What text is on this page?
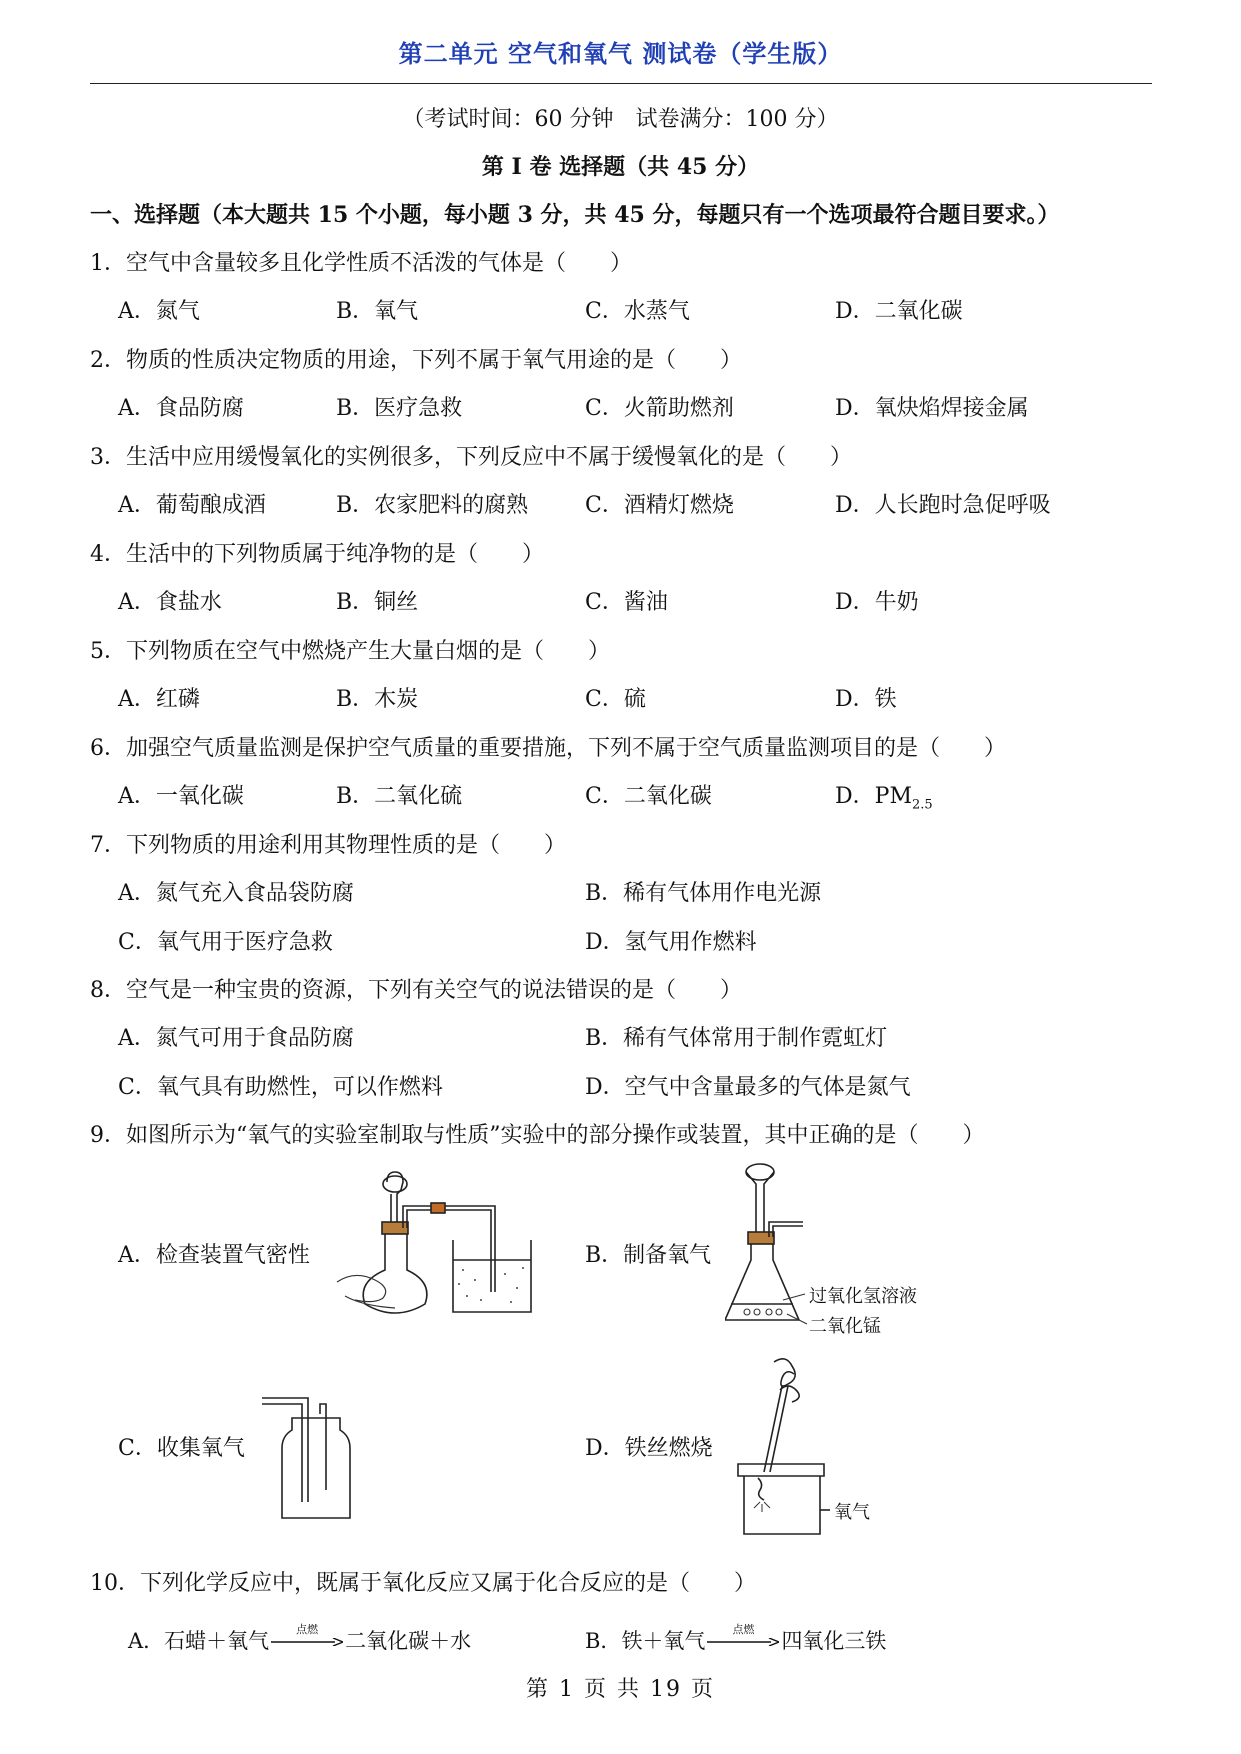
第二单元 空气和氧气 测试卷（学生版）
（考试时间：60 分钟　试卷满分：100 分）
第 I 卷 选择题（共 45 分）
一、选择题（本大题共 15 个小题，每小题 3 分，共 45 分，每题只有一个选项最符合题目要求。）
1．空气中含量较多且化学性质不活泼的气体是（　　）
A．氮气	B．氧气	C．水蒸气	D．二氧化碳
2．物质的性质决定物质的用途，下列不属于氧气用途的是（　　）
A．食品防腐	B．医疗急救	C．火箭助燃剂	D．氧炔焰焊接金属
3．生活中应用缓慢氧化的实例很多，下列反应中不属于缓慢氧化的是（　　）
A．葡萄酿成酒	B．农家肥料的腐熟	C．酒精灯燃烧	D．人长跑时急促呼吸
4．生活中的下列物质属于纯净物的是（　　）
A．食盐水	B．铜丝	C．酱油	D．牛奶
5．下列物质在空气中燃烧产生大量白烟的是（　　）
A．红磷	B．木炭	C．硫	D．铁
6．加强空气质量监测是保护空气质量的重要措施，下列不属于空气质量监测项目的是（　　）
A．一氧化碳	B．二氧化硫	C．二氧化碳	D．$PM_{2.5}$
7．下列物质的用途利用其物理性质的是（　　）
A．氮气充入食品袋防腐	B．稀有气体用作电光源
C．氧气用于医疗急救	D．氢气用作燃料
8．空气是一种宝贵的资源，下列有关空气的说法错误的是（　　）
A．氮气可用于食品防腐	B．稀有气体常用于制作霓虹灯
C．氧气具有助燃性，可以作燃料	D．空气中含量最多的气体是氮气
9．如图所示为“氧气的实验室制取与性质”实验中的部分操作或装置，其中正确的是（　　）
A．检查装置气密性	B．制备氧气
C．收集氧气	D．铁丝燃烧
过氧化氢溶液
二氧化锰
氧气
10．下列化学反应中，既属于氧化反应又属于化合反应的是（　　）
A． 石蜡＋氧气	点燃	二氧化碳＋水	B． 铁＋氧气	点燃	四氧化三铁
第 1 页 共 19 页
